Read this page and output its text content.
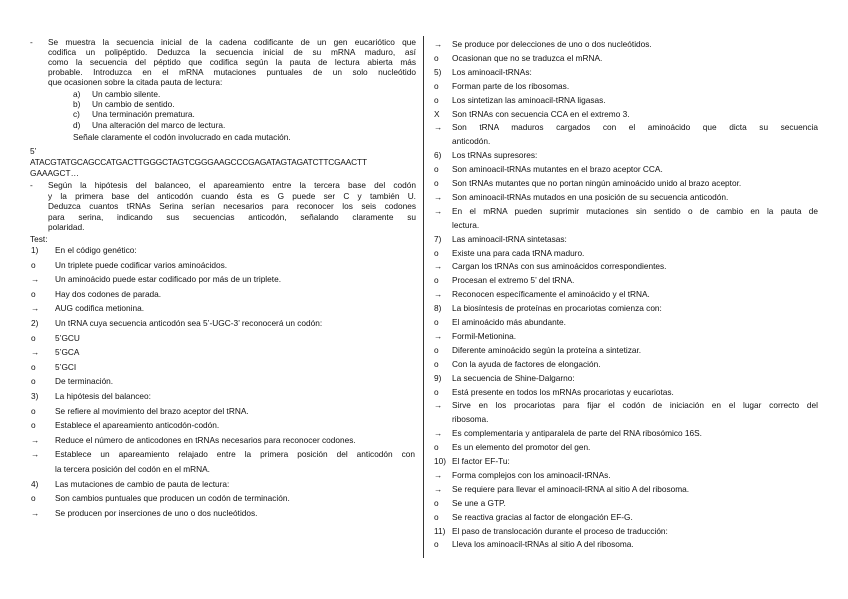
- Se muestra la secuencia inicial de la cadena codificante de un gen eucariótico que
codifica un polipéptido. Deduzca la secuencia inicial de su mRNA maduro, así
como la secuencia del péptido que codifica según la pauta de lectura abierta más
probable. Introduzca en el mRNA mutaciones puntuales de un solo nucleótido
que ocasionen sobre la citada pauta de lectura:
a) Un cambio silente.
b) Un cambio de sentido.
c) Una terminación prematura.
d) Una alteración del marco de lectura.
Señale claramente el codón involucrado en cada mutación.
5’
ATACGTATGCAGCCATGACTTGGGCTAGTCGGGAAGCCCGAGATAGTAGATCTTCGAACTT
GAAAGCT…
- Según la hipótesis del balanceo, el apareamiento entre la tercera base del codón
y la primera base del anticodón cuando ésta es G puede ser C y también U.
Deduzca cuantos tRNAs Serina serían necesarios para reconocer los seis codones
para serina, indicando sus secuencias anticodón, señalando claramente su
polaridad.
Test:
1) En el código genético:
o Un triplete puede codificar varios aminoácidos.
→ Un aminoácido puede estar codificado por más de un triplete.
o Hay dos codones de parada.
→ AUG codifica metionina.
2) Un tRNA cuya secuencia anticodón sea 5’-UGC-3’ reconocerá un codón:
o 5’GCU
→ 5’GCA
o 5’GCI
o De terminación.
3) La hipótesis del balanceo:
o Se refiere al movimiento del brazo aceptor del tRNA.
o Establece el apareamiento anticodón-codón.
→ Reduce el número de anticodones en tRNAs necesarios para reconocer codones.
→ Establece un apareamiento relajado entre la primera posición del anticodón con
la tercera posición del codón en el mRNA.
4) Las mutaciones de cambio de pauta de lectura:
o Son cambios puntuales que producen un codón de terminación.
→ Se producen por inserciones de uno o dos nucleótidos.
→ Se produce por delecciones de uno o dos nucleótidos.
o Ocasionan que no se traduzca el mRNA.
5) Los aminoacil-tRNAs:
o Forman parte de los ribosomas.
o Los sintetizan las aminoacil-tRNA ligasas.
X Son tRNAs con secuencia CCA en el extremo 3.
→ Son tRNA maduros cargados con el aminoácido que dicta su secuencia
anticodón.
6) Los tRNAs supresores:
o Son aminoacil-tRNAs mutantes en el brazo aceptor CCA.
o Son tRNAs mutantes que no portan ningún aminoácido unido al brazo aceptor.
→ Son aminoacil-tRNAs mutados en una posición de su secuencia anticodón.
→ En el mRNA pueden suprimir mutaciones sin sentido o de cambio en la pauta de
lectura.
7) Las aminoacil-tRNA sintetasas:
o Existe una para cada tRNA maduro.
→ Cargan los tRNAs con sus aminoácidos correspondientes.
o Procesan el extremo 5’ del tRNA.
→ Reconocen específicamente el aminoácido y el tRNA.
8) La biosíntesis de proteínas en procariotas comienza con:
o El aminoácido más abundante.
→ Formil-Metionina.
o Diferente aminoácido según la proteína a sintetizar.
o Con la ayuda de factores de elongación.
9) La secuencia de Shine-Dalgarno:
o Está presente en todos los mRNAs procariotas y eucariotas.
→ Sirve en los procariotas para fijar el codón de iniciación en el lugar correcto del
ribosoma.
→ Es complementaria y antiparalela de parte del RNA ribosómico 16S.
o Es un elemento del promotor del gen.
10) El factor EF-Tu:
→ Forma complejos con los aminoacil-tRNAs.
→ Se requiere para llevar el aminoacil-tRNA al sitio A del ribosoma.
o Se une a GTP.
o Se reactiva gracias al factor de elongación EF-G.
11) El paso de translocación durante el proceso de traducción:
o Lleva los aminoacil-tRNAs al sitio A del ribosoma.
